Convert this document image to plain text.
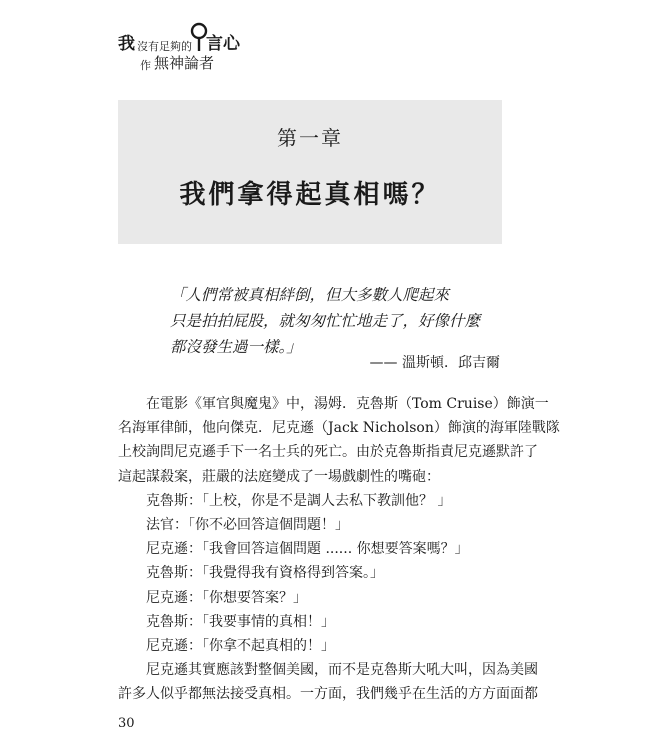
我 沒有足夠的 言心
作 無神論者
第一章
我們拿得起真相嗎？
「人們常被真相絆倒，但大多數人爬起來
只是拍拍屁股，就匆匆忙忙地走了，好像什麼
都沒發生過一樣。」
—— 溫斯頓．邱吉爾

在電影《軍官與魔鬼》中，湯姆．克魯斯（Tom Cruise）飾演一

名海軍律師，他向傑克．尼克遜（Jack Nicholson）飾演的海軍陸戰隊

上校詢問尼克遜手下一名士兵的死亡。由於克魯斯指責尼克遜默許了

這起謀殺案，莊嚴的法庭變成了一場戲劇性的嘴砲：

克魯斯：「上校，你是不是調人去私下教訓他？ 」

法官：「你不必回答這個問題！」

尼克遜：「我會回答這個問題 ...... 你想要答案嗎？」

克魯斯：「我覺得我有資格得到答案。」

尼克遜：「你想要答案？」

克魯斯：「我要事情的真相！」

尼克遜：「你拿不起真相的！」

尼克遜其實應該對整個美國，而不是克魯斯大吼大叫，因為美國

許多人似乎都無法接受真相。一方面，我們幾乎在生活的方方面面都

30
